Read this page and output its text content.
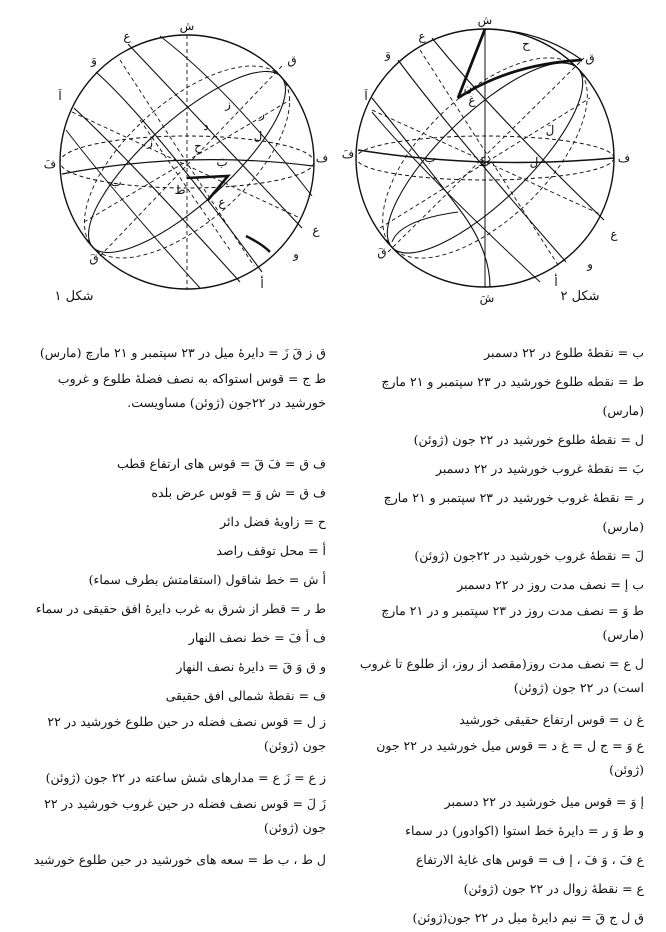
ش
ع
وَ	ق
اَ
فَ	ف
ل
ر
ز
زَ
د
ب
بَ
ط
ح
ع
ع
و
قَ
أ
شکل ۱
ش
شَ
ع
وَ	ق
ح
غ
ن
اَ
فَ	ف
ل
لَ
ب	ط
ع
و
قَ
أ
شکل ۲
ب = نقطهٔ طلوع در ۲۲ دسمبر
ط = نقطه طلوع خورشید در ۲۳ سپتمبر و ۲۱ مارچ (مارس)
ل = نقطهٔ طلوع خورشید در ۲۲ جون (ژوئن)
بَ = نقطهٔ غروب خورشید در ۲۲ دسمبر
ر = نقطهٔ غروب خورشید در ۲۳ سپتمبر و ۲۱ مارچ (مارس)
لَ = نقطهٔ غروب خورشید در ۲۲جون (ژوئن)
ب إ = نصف مدت روز در ۲۲ دسمبر
ط وَ = نصف مدت روز در ۲۳ سپتمبر و در ۲۱ مارچ (مارس)
ل ع = نصف مدت روز(مقصد از روز، از طلوع تا غروب است) در ۲۲ جون (ژوئن)
غ ن = قوس ارتفاع حقیقی خورشید
ع وَ = ج ل = غ د = قوس میل خورشید در ۲۲ جون (ژوئن)
إ وَ = قوس میل خورشید در ۲۲ دسمبر
و ط وَ ر = دایرهٔ خط استوا (اکوادور) در سماء
ع فَ ، وَ فَ ، إ ف = قوس های غایهٔ الارتفاع
ع = نقطهٔ زوال در ۲۲ جون (ژوئن)
ق ل ج قَ = نیم دایرهٔ میل در ۲۲ جون(ژوئن)
ق ز قَ زَ = دایرهٔ میل در ۲۳ سپتمبر و ۲۱ مارچ (مارس)
ط ج = قوس استواکه به نصف فضلهٔ طلوع و غروب خورشید در ۲۲جون (ژوئن) مساویست.
ف ق = فَ قَ = قوس های ارتفاع قطب
ف ق = ش وَ = قوس عرض بلده
ح = زاویهٔ فضل دائر
أ = محل توقف راصد
أ ش = خط شاقول (استقامتش بطرف سماء)
ط ر = قطر از شرق به غرب دایرهٔ افق حقیقی در سماء
ف أ فَ = خط نصف النهار
و ق وَ قَ = دایرهٔ نصف النهار
ف = نقطهٔ شمالی افق حقیقی
ز ل = قوس نصف فضله در حین طلوع خورشید در ۲۲ جون (ژوئن)
ز ع = زَ ع = مدارهای شش ساعته در ۲۲ جون (ژوئن)
زَ لَ = قوس نصف فضله در حین غروب خورشید در ۲۲ جون (ژوئن)
ل ط ، ب ط = سعه های خورشید در حین طلوع خورشید
